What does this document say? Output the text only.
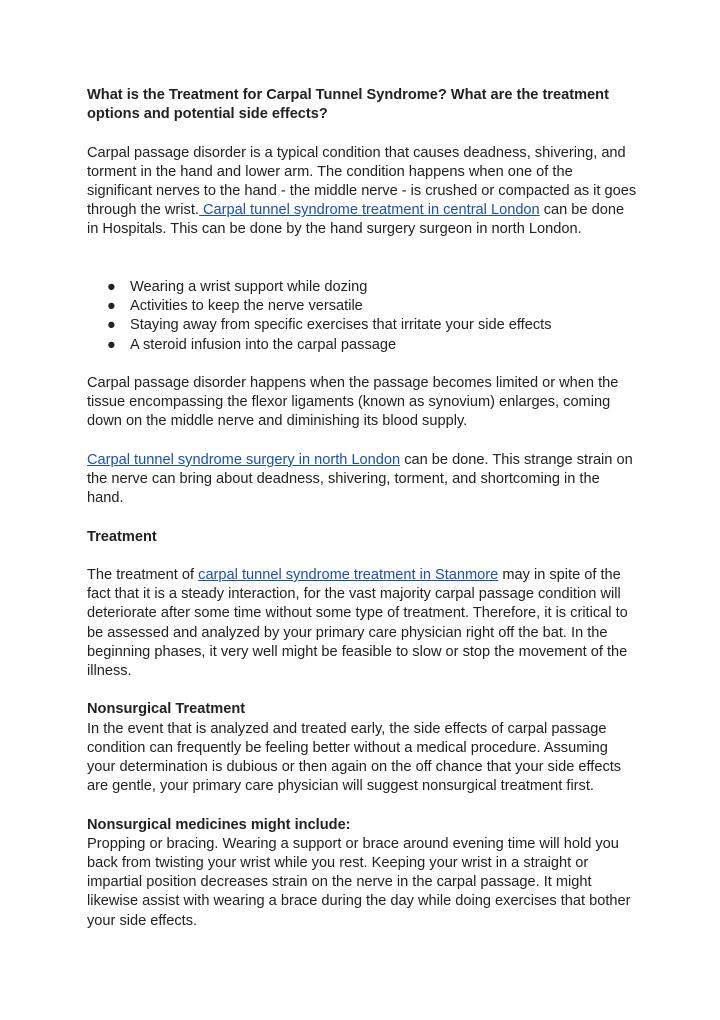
What is the Treatment for Carpal Tunnel Syndrome? What are the treatment options and potential side effects?

Carpal passage disorder is a typical condition that causes deadness, shivering, and torment in the hand and lower arm. The condition happens when one of the significant nerves to the hand - the middle nerve - is crushed or compacted as it goes through the wrist. Carpal tunnel syndrome treatment in central London can be done in Hospitals. This can be done by the hand surgery surgeon in north London.

● Wearing a wrist support while dozing
● Activities to keep the nerve versatile
● Staying away from specific exercises that irritate your side effects
● A steroid infusion into the carpal passage

Carpal passage disorder happens when the passage becomes limited or when the tissue encompassing the flexor ligaments (known as synovium) enlarges, coming down on the middle nerve and diminishing its blood supply.

Carpal tunnel syndrome surgery in north London can be done. This strange strain on the nerve can bring about deadness, shivering, torment, and shortcoming in the hand.

Treatment

The treatment of carpal tunnel syndrome treatment in Stanmore may in spite of the fact that it is a steady interaction, for the vast majority carpal passage condition will deteriorate after some time without some type of treatment. Therefore, it is critical to be assessed and analyzed by your primary care physician right off the bat. In the beginning phases, it very well might be feasible to slow or stop the movement of the illness.

Nonsurgical Treatment

In the event that is analyzed and treated early, the side effects of carpal passage condition can frequently be feeling better without a medical procedure. Assuming your determination is dubious or then again on the off chance that your side effects are gentle, your primary care physician will suggest nonsurgical treatment first.

Nonsurgical medicines might include:

Propping or bracing. Wearing a support or brace around evening time will hold you back from twisting your wrist while you rest. Keeping your wrist in a straight or impartial position decreases strain on the nerve in the carpal passage. It might likewise assist with wearing a brace during the day while doing exercises that bother your side effects.
